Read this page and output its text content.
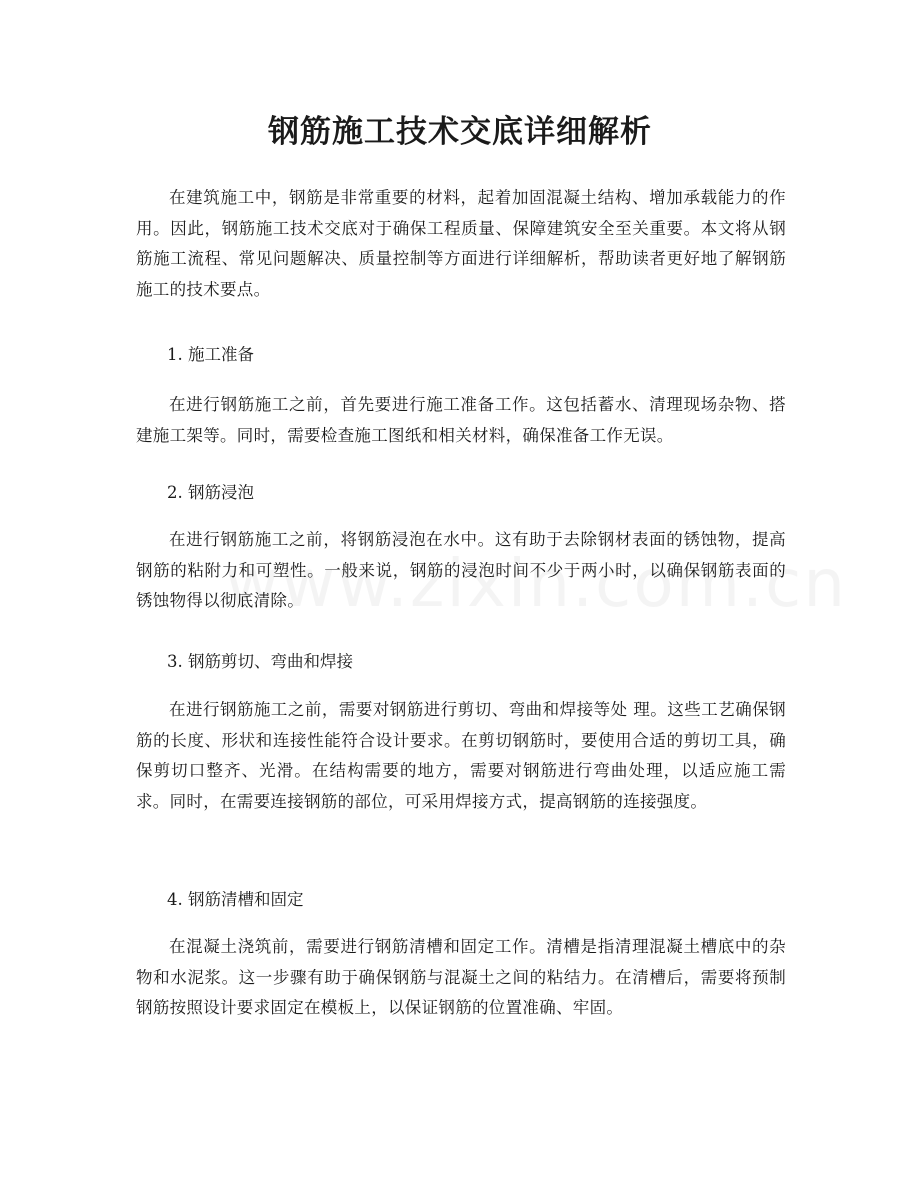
钢筋施工技术交底详细解析

在建筑施工中，钢筋是非常重要的材料，起着加固混凝土结构、增加承载能力的作用。因此，钢筋施工技术交底对于确保工程质量、保障建筑安全至关重要。本文将从钢筋施工流程、常见问题解决、质量控制等方面进行详细解析，帮助读者更好地了解钢筋施工的技术要点。

1. 施工准备

在进行钢筋施工之前，首先要进行施工准备工作。这包括蓄水、清理现场杂物、搭建施工架等。同时，需要检查施工图纸和相关材料，确保准备工作无误。

2. 钢筋浸泡

在进行钢筋施工之前，将钢筋浸泡在水中。这有助于去除钢材表面的锈蚀物，提高钢筋的粘附力和可塑性。一般来说，钢筋的浸泡时间不少于两小时，以确保钢筋表面的锈蚀物得以彻底清除。

3. 钢筋剪切、弯曲和焊接

在进行钢筋施工之前，需要对钢筋进行剪切、弯曲和焊接等处 理。这些工艺确保钢筋的长度、形状和连接性能符合设计要求。在剪切钢筋时，要使用合适的剪切工具，确保剪切口整齐、光滑。在结构需要的地方，需要对钢筋进行弯曲处理，以适应施工需求。同时，在需要连接钢筋的部位，可采用焊接方式，提高钢筋的连接强度。

4. 钢筋清槽和固定

在混凝土浇筑前，需要进行钢筋清槽和固定工作。清槽是指清理混凝土槽底中的杂物和水泥浆。这一步骤有助于确保钢筋与混凝土之间的粘结力。在清槽后，需要将预制钢筋按照设计要求固定在模板上，以保证钢筋的位置准确、牢固。
